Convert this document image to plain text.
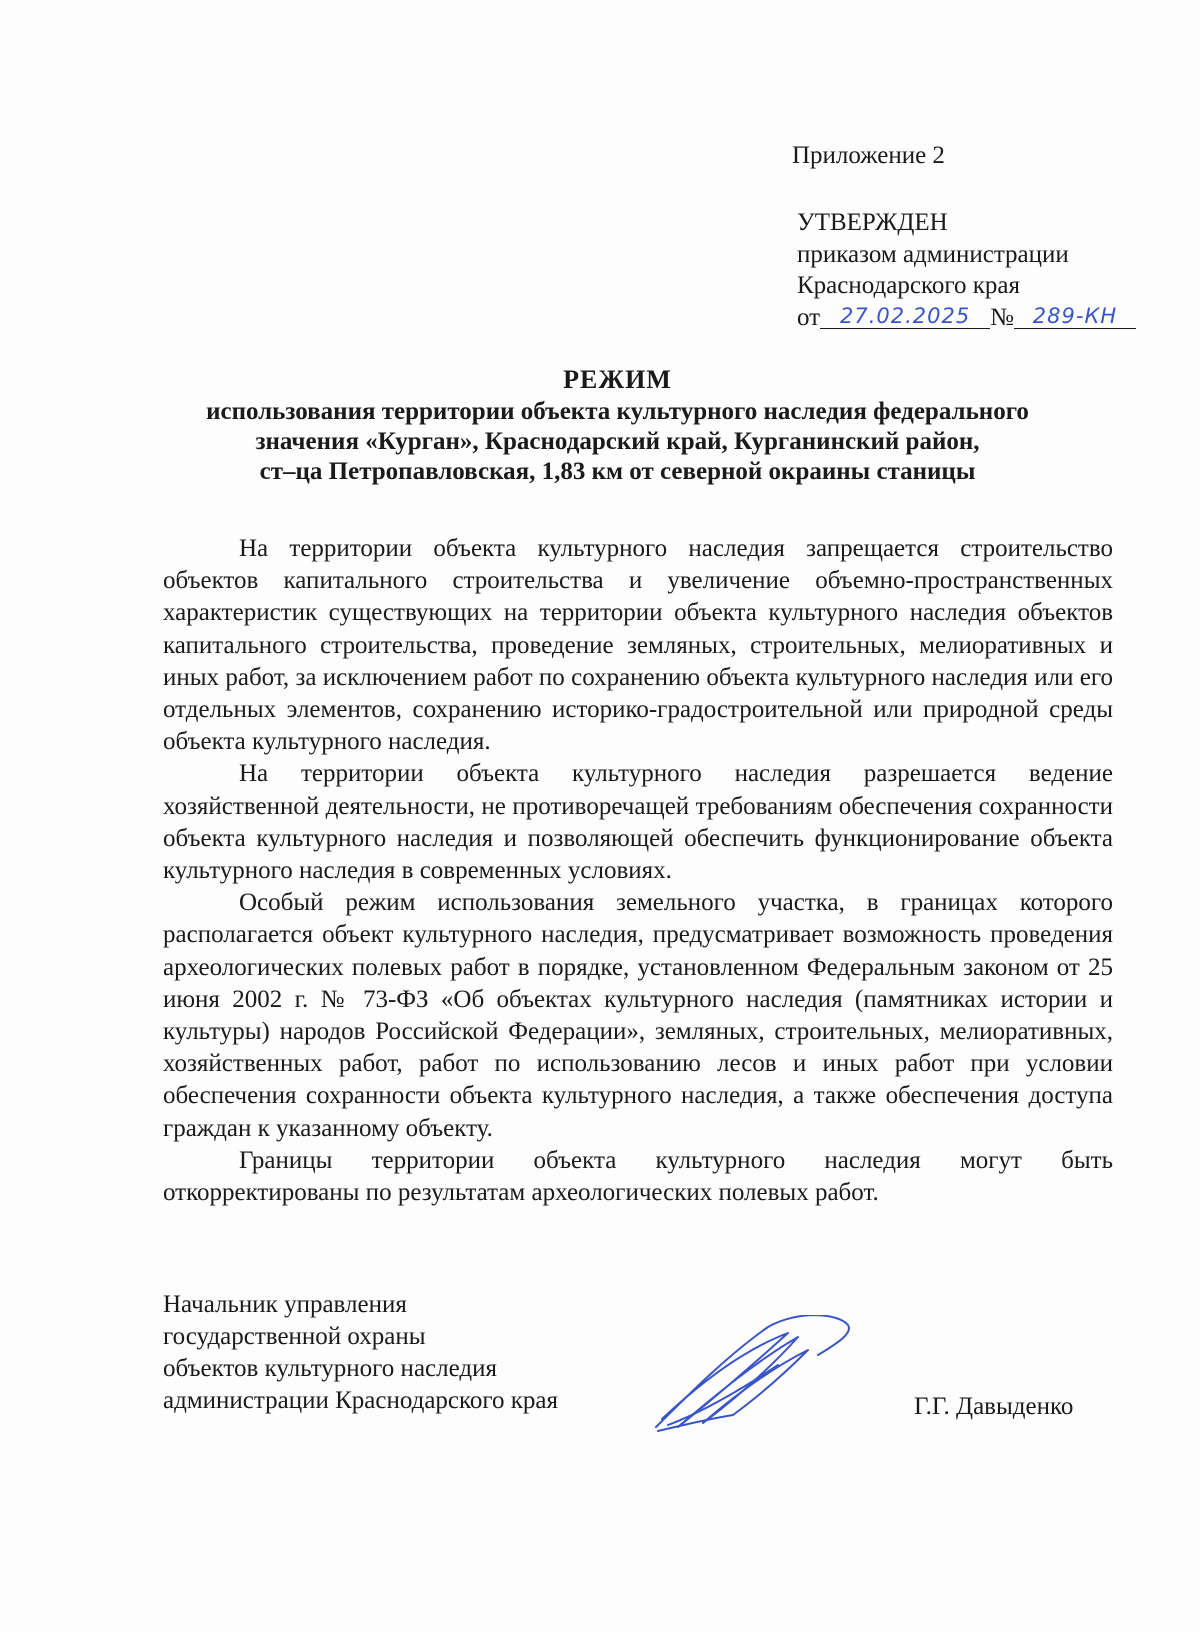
Приложение 2
УТВЕРЖДЕН
приказом администрации
Краснодарского края
от 27.02.2025 № 289-КН
РЕЖИМ
использования территории объекта культурного наследия федерального
значения «Курган», Краснодарский край, Курганинский район,
ст–ца Петропавловская, 1,83 км от северной окраины станицы

На территории объекта культурного наследия запрещается строительство объектов капитального строительства и увеличение объемно-пространственных характеристик существующих на территории объекта культурного наследия объектов капитального строительства, проведение земляных, строительных, мелиоративных и иных работ, за исключением работ по сохранению объекта культурного наследия или его отдельных элементов, сохранению историко-градостроительной или природной среды объекта культурного наследия.

На территории объекта культурного наследия разрешается ведение хозяйственной деятельности, не противоречащей требованиям обеспечения сохранности объекта культурного наследия и позволяющей обеспечить функционирование объекта культурного наследия в современных условиях.

Особый режим использования земельного участка, в границах которого располагается объект культурного наследия, предусматривает возможность проведения археологических полевых работ в порядке, установленном Федеральным законом от 25 июня 2002 г. № 73-ФЗ «Об объектах культурного наследия (памятниках истории и культуры) народов Российской Федерации», земляных, строительных, мелиоративных, хозяйственных работ, работ по использованию лесов и иных работ при условии обеспечения сохранности объекта культурного наследия, а также обеспечения доступа граждан к указанному объекту.

Границы территории объекта культурного наследия могут быть откорректированы по результатам археологических полевых работ.

Начальник управления
государственной охраны
объектов культурного наследия
администрации Краснодарского края	Г.Г. Давыденко
